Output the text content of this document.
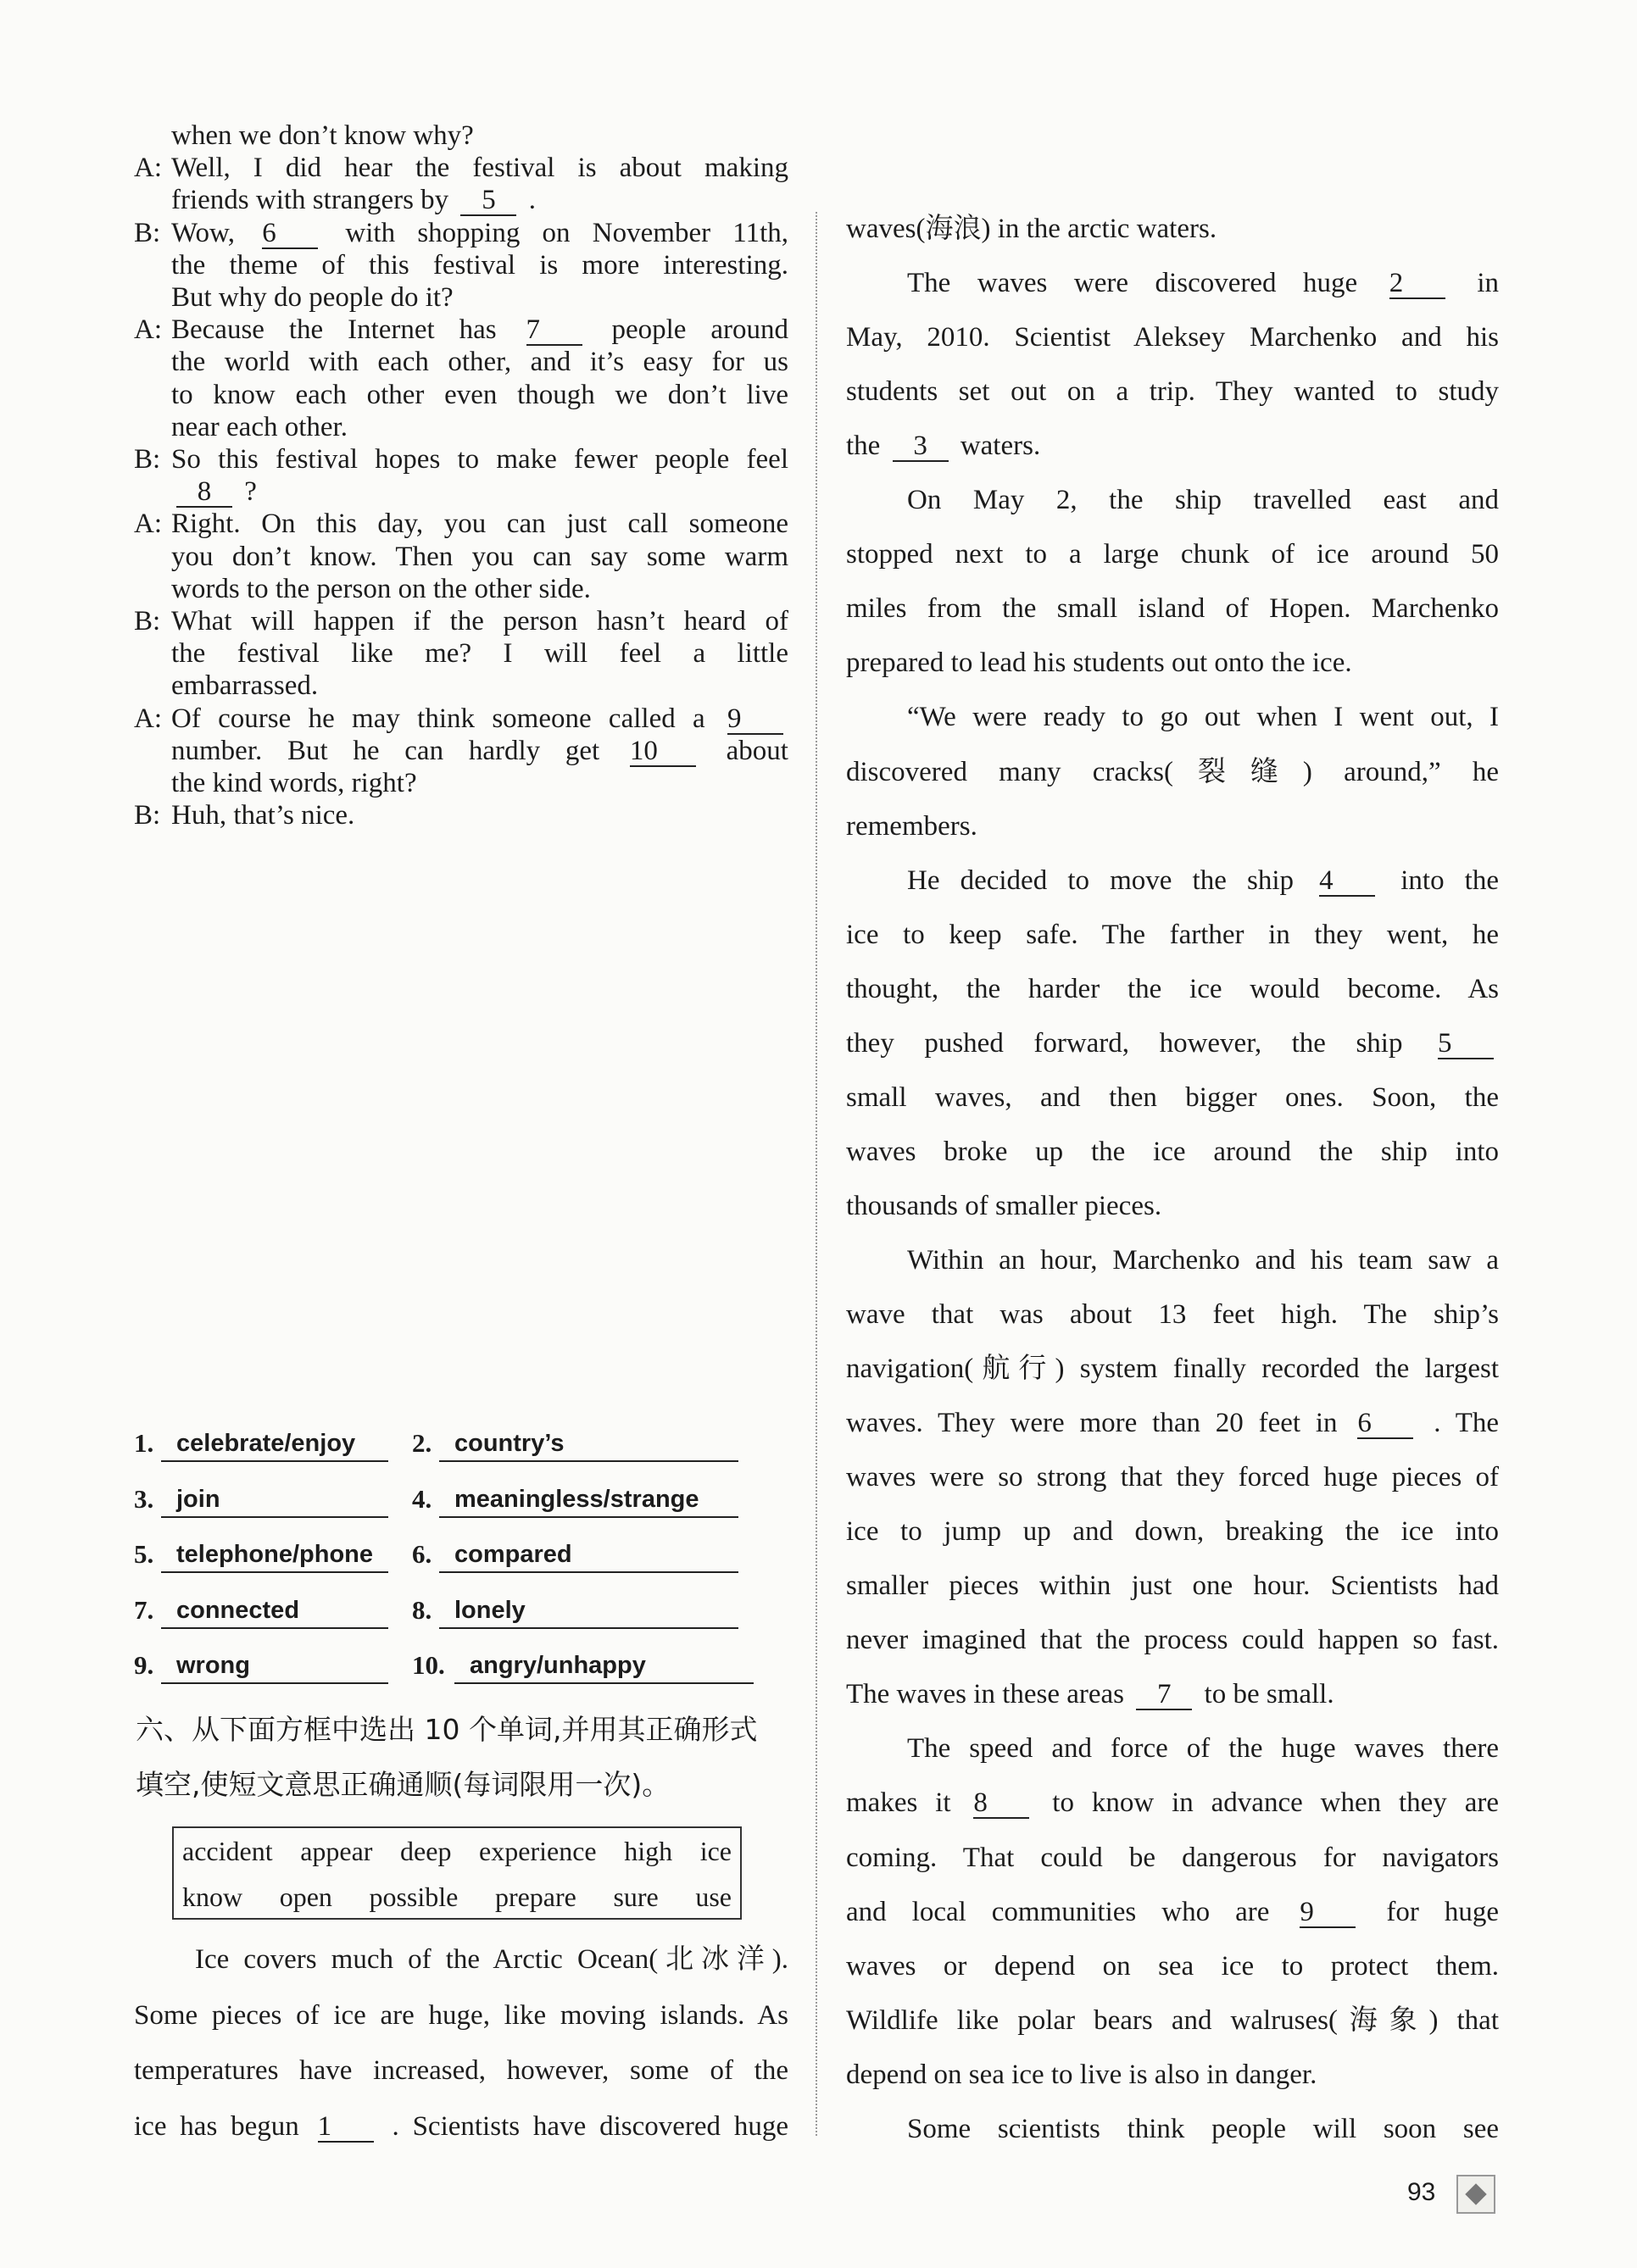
when we don’t know why?
A: Well, I did hear the festival is about making
friends with strangers by 5 .
B: Wow, 6 with shopping on November 11th,
the theme of this festival is more interesting.
But why do people do it?
A: Because the Internet has 7 people around
the world with each other, and it’s easy for us
to know each other even though we don’t live
near each other.
B: So this festival hopes to make fewer people feel
8 ?
A: Right. On this day, you can just call someone
you don’t know. Then you can say some warm
words to the person on the other side.
B: What will happen if the person hasn’t heard of
the festival like me? I will feel a little
embarrassed.
A: Of course he may think someone called a 9
number. But he can hardly get 10 about
the kind words, right?
B: Huh, that’s nice.
1. celebrate/enjoy	2. country’s
3. join	4. meaningless/strange
5. telephone/phone	6. compared
7. connected	8. lonely
9. wrong	10.	angry/unhappy
六、从下面方框中选出 10 个单词,并用其正确形式
填空,使短文意思正确通顺(每词限用一次)。
accident appear deep experience high ice
know open possible prepare sure use
Ice covers much of the Arctic Ocean(北冰洋).
Some pieces of ice are huge, like moving islands. As
temperatures have increased, however, some of the
ice has begun 1 . Scientists have discovered huge
waves(海浪) in the arctic waters.
The waves were discovered huge 2 in
May, 2010. Scientist Aleksey Marchenko and his
students set out on a trip. They wanted to study
the 3 waters.
On May 2, the ship travelled east and
stopped next to a large chunk of ice around 50
miles from the small island of Hopen. Marchenko
prepared to lead his students out onto the ice.
“We were ready to go out when I went out, I
discovered many cracks(裂缝) around,” he
remembers.
He decided to move the ship 4 into the
ice to keep safe. The farther in they went, he
thought, the harder the ice would become. As
they pushed forward, however, the ship 5
small waves, and then bigger ones. Soon, the
waves broke up the ice around the ship into
thousands of smaller pieces.
Within an hour, Marchenko and his team saw a
wave that was about 13 feet high. The ship’s
navigation(航行) system finally recorded the largest
waves. They were more than 20 feet in 6 . The
waves were so strong that they forced huge pieces of
ice to jump up and down, breaking the ice into
smaller pieces within just one hour. Scientists had
never imagined that the process could happen so fast.
The waves in these areas 7 to be small.
The speed and force of the huge waves there
makes it 8 to know in advance when they are
coming. That could be dangerous for navigators
and local communities who are 9 for huge
waves or depend on sea ice to protect them.
Wildlife like polar bears and walruses(海象) that
depend on sea ice to live is also in danger.
Some scientists think people will soon see
93
